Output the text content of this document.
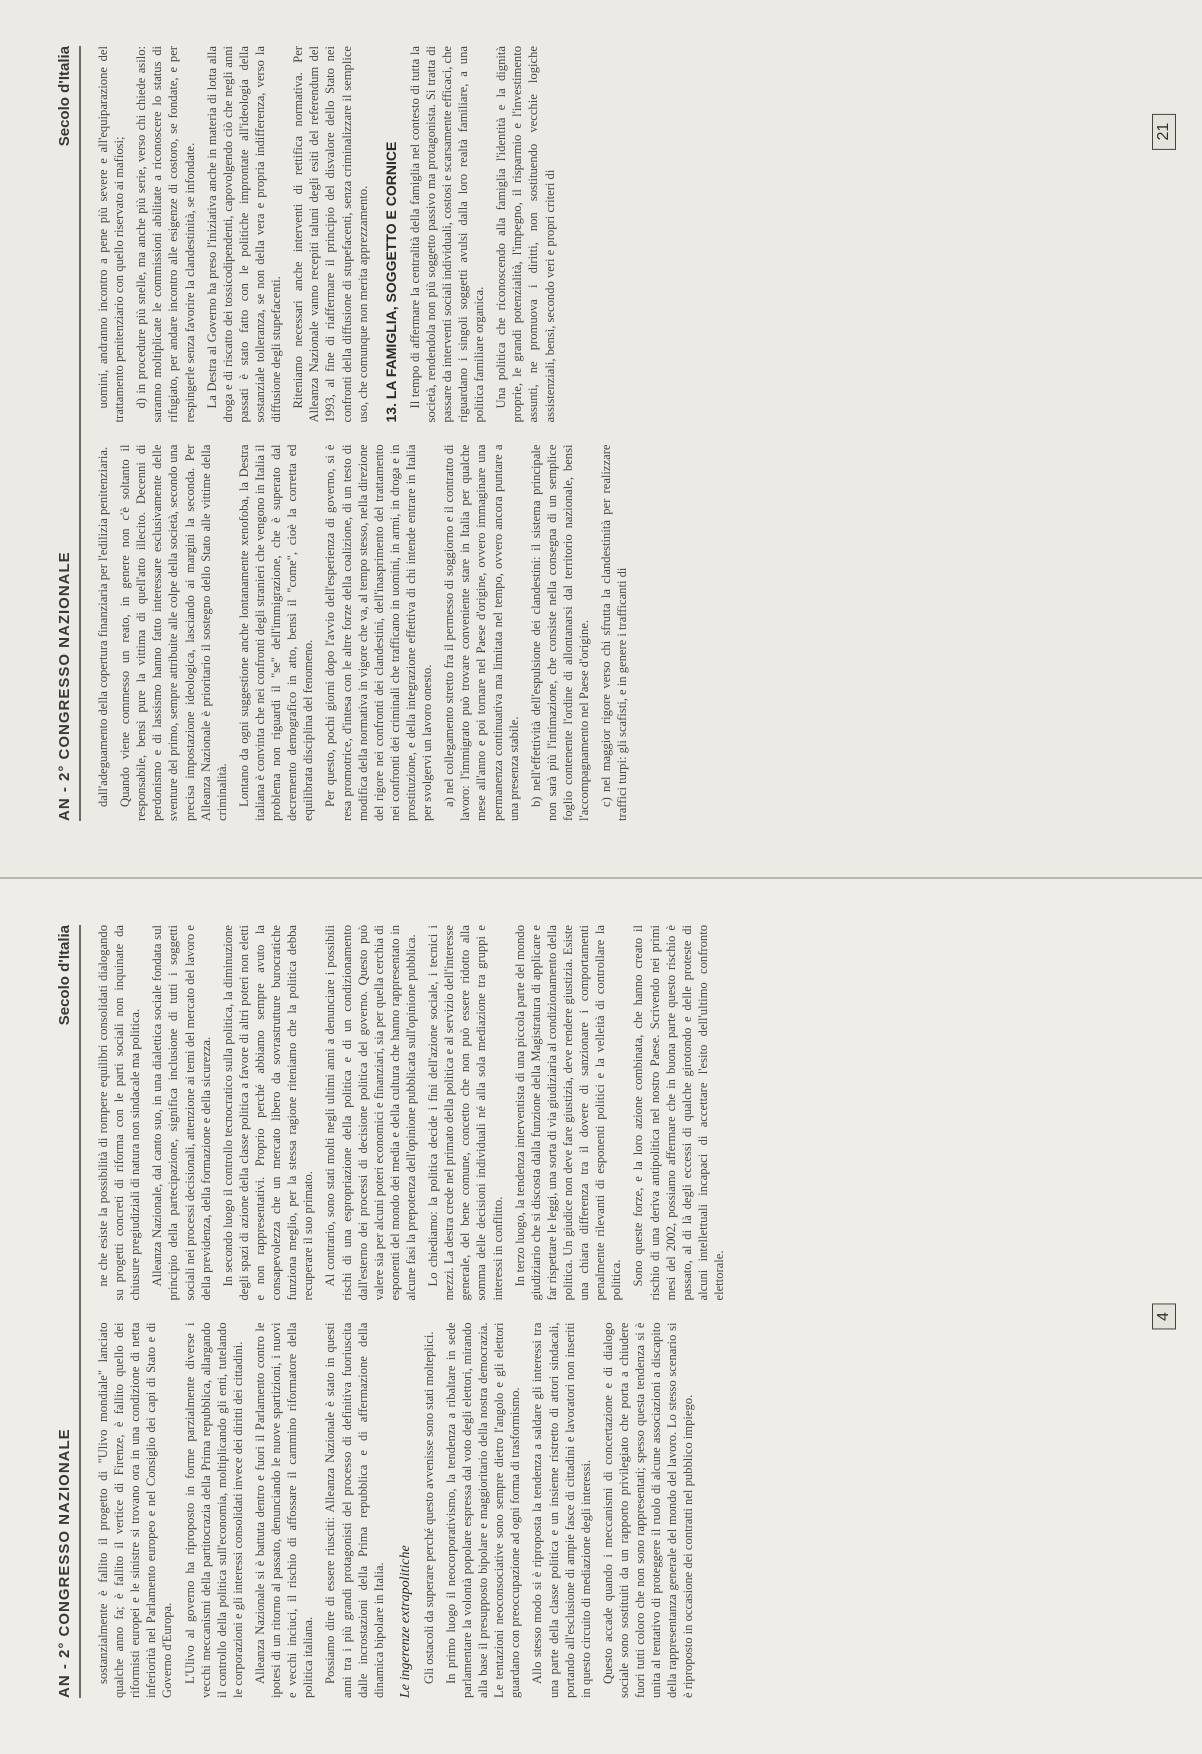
AN - 2° CONGRESSO NAZIONALE
Secolo d'Italia

sostanzialmente è fallito il progetto di "Ulivo mondiale" lanciato qualche anno fa; è fallito il vertice di Firenze, è fallito quello dei riformisti europei e le sinistre si trovano ora in una condizione di netta inferiorità nel Parlamento europeo e nel Consiglio dei capi di Stato e di Governo d'Europa. L'Ulivo al governo ha riproposto in forme parzialmente diverse i vecchi meccanismi della partitocrazia della Prima repubblica, allargando il controllo della politica sull'economia, moltiplicando gli enti, tutelando le corporazioni e gli interessi consolidati invece dei diritti dei cittadini. Alleanza Nazionale si è battuta dentro e fuori il Parlamento contro le ipotesi di un ritorno al passato, denunciando le nuove spartizioni, i nuovi e vecchi inciuci, il rischio di affossare il cammino riformatore della politica italiana. Possiamo dire di essere riusciti: Alleanza Nazionale è stato in questi anni tra i più grandi protagonisti del processo di definitiva fuoriuscita dalle incrostazioni della Prima repubblica e di affermazione della dinamica bipolare in Italia. Le ingerenze extrapolitiche Gli ostacoli da superare perché questo avvenisse sono stati molteplici. In primo luogo il neocorporativismo, la tendenza a ribaltare in sede parlamentare la volontà popolare espressa dal voto degli elettori, mirando alla base il presupposto bipolare e maggioritario della nostra democrazia. Le tentazioni neoconsociative sono sempre dietro l'angolo e gli elettori guardano con preoccupazione ad ogni forma di trasformismo. Allo stesso modo si è riproposta la tendenza a saldare gli interessi tra una parte della classe politica e un insieme ristretto di attori sindacali, portando all'esclusione di ampie fasce di cittadini e lavoratori non inseriti in questo circuito di mediazione degli interessi. Questo accade quando i meccanismi di concertazione e di dialogo sociale sono sostituiti da un rapporto privilegiato che porta a chiudere fuori tutti coloro che non sono rappresentati; spesso questa tendenza si è unita al tentativo di proteggere il ruolo di alcune associazioni a discapito della rappresentanza generale del mondo del lavoro. Lo stesso scenario si è riproposto in occasione dei contratti nel pubblico impiego.

ne che esiste la possibilità di rompere equilibri consolidati dialogando su progetti concreti di riforma con le parti sociali non inquinate da chiusure pregiudiziali di natura non sindacale ma politica. Alleanza Nazionale, dal canto suo, in una dialettica sociale fondata sul principio della partecipazione, significa inclusione di tutti i soggetti sociali nei processi decisionali, attenzione ai temi del mercato del lavoro e della previdenza, della formazione e della sicurezza. In secondo luogo il controllo tecnocratico sulla politica, la diminuzione degli spazi di azione della classe politica a favore di altri poteri non eletti e non rappresentativi. Proprio perché abbiamo sempre avuto la consapevolezza che un mercato libero da sovrastrutture burocratiche funziona meglio, per la stessa ragione riteniamo che la politica debba recuperare il suo primato. Al contrario, sono stati molti negli ultimi anni a denunciare i possibili rischi di una espropriazione della politica e di un condizionamento dall'esterno dei processi di decisione politica del governo. Questo può valere sia per alcuni poteri economici e finanziari, sia per quella cerchia di esponenti del mondo dei media e della cultura che hanno rappresentato in alcune fasi la prepotenza dell'opinione pubblicata sull'opinione pubblica. Lo chiediamo: la politica decide i fini dell'azione sociale, i tecnici i mezzi. La destra crede nel primato della politica e al servizio dell'interesse generale, del bene comune, concetto che non può essere ridotto alla somma delle decisioni individuali né alla sola mediazione tra gruppi e interessi in conflitto. In terzo luogo, la tendenza interventista di una piccola parte del mondo giudiziario che si discosta dalla funzione della Magistratura di applicare e far rispettare le leggi, una sorta di via giudiziaria al condizionamento della politica. Un giudice non deve fare giustizia, deve rendere giustizia. Esiste una chiara differenza tra il dovere di sanzionare i comportamenti penalmente rilevanti di esponenti politici e la velleità di controllare la politica. Sono queste forze, e la loro azione combinata, che hanno creato il rischio di una deriva antipolitica nel nostro Paese. Scrivendo nei primi mesi del 2002, possiamo affermare che in buona parte questo rischio è passato, al di là degli eccessi di qualche girotondo e delle proteste di alcuni intellettuali incapaci di accettare l'esito dell'ultimo confronto elettorale.

4
AN - 2° CONGRESSO NAZIONALE
Secolo d'Italia

dall'adeguamento della copertura finanziaria per l'edilizia penitenziaria. Quando viene commesso un reato, in genere non c'è soltanto il responsabile, bensì pure la vittima di quell'atto illecito. Decenni di perdonismo e di lassismo hanno fatto interessare esclusivamente delle sventure del primo, sempre attribuite alle colpe della società, secondo una precisa impostazione ideologica, lasciando ai margini la seconda. Per Alleanza Nazionale è prioritario il sostegno dello Stato alle vittime della criminalità. Lontano da ogni suggestione anche lontanamente xenofoba, la Destra italiana è convinta che nei confronti degli stranieri che vengono in Italia il problema non riguardi il "se" dell'immigrazione, che è superato dal decremento demografico in atto, bensì il "come", cioè la corretta ed equilibrata disciplina del fenomeno. Per questo, pochi giorni dopo l'avvio dell'esperienza di governo, si è resa promotrice, d'intesa con le altre forze della coalizione, di un testo di modifica della normativa in vigore che va, al tempo stesso, nella direzione del rigore nei confronti dei clandestini, dell'inasprimento del trattamento nei confronti dei criminali che trafficano in uomini, in armi, in droga e in prostituzione, e della integrazione effettiva di chi intende entrare in Italia per svolgervi un lavoro onesto. a) nel collegamento stretto fra il permesso di soggiorno e il contratto di lavoro: l'immigrato può trovare conveniente stare in Italia per qualche mese all'anno e poi tornare nel Paese d'origine, ovvero immaginare una permanenza continuativa ma limitata nel tempo, ovvero ancora puntare a una presenza stabile. b) nell'effettività dell'espulsione dei clandestini: il sistema principale non sarà più l'intimazione, che consiste nella consegna di un semplice foglio contenente l'ordine di allontanarsi dal territorio nazionale, bensì l'accompagnamento nel Paese d'origine. c) nel maggior rigore verso chi sfrutta la clandestinità per realizzare traffici turpi: gli scafisti, e in genere i trafficanti di

uomini, andranno incontro a pene più severe e all'equiparazione del trattamento penitenziario con quello riservato ai mafiosi; d) in procedure più snelle, ma anche più serie, verso chi chiede asilo: saranno moltiplicate le commissioni abilitate a riconoscere lo status di rifugiato, per andare incontro alle esigenze di costoro, se fondate, e per respingerle senza favorire la clandestinità, se infondate. La Destra al Governo ha preso l'iniziativa anche in materia di lotta alla droga e di riscatto dei tossicodipendenti, capovolgendo ciò che negli anni passati è stato fatto con le politiche improntate all'ideologia della sostanziale tolleranza, se non della vera e propria indifferenza, verso la diffusione degli stupefacenti. Riteniamo necessari anche interventi di rettifica normativa. Per Alleanza Nazionale vanno recepiti taluni degli esiti del referendum del 1993, al fine di riaffermare il principio del disvalore dello Stato nei confronti della diffusione di stupefacenti, senza criminalizzare il semplice uso, che comunque non merita apprezzamento. 13. LA FAMIGLIA, SOGGETTO E CORNICE Il tempo di affermare la centralità della famiglia nel contesto di tutta la società, rendendola non più soggetto passivo ma protagonista. Si tratta di passare da interventi sociali individuali, costosi e scarsamente efficaci, che riguardano i singoli soggetti avulsi dalla loro realtà familiare, a una politica familiare organica. Una politica che riconoscendo alla famiglia l'identità e la dignità proprie, le grandi potenzialità, l'impegno, il risparmio e l'investimento assunti, ne promuova i diritti, non sostituendo vecchie logiche assistenziali, bensì, secondo veri e propri criteri di

21
